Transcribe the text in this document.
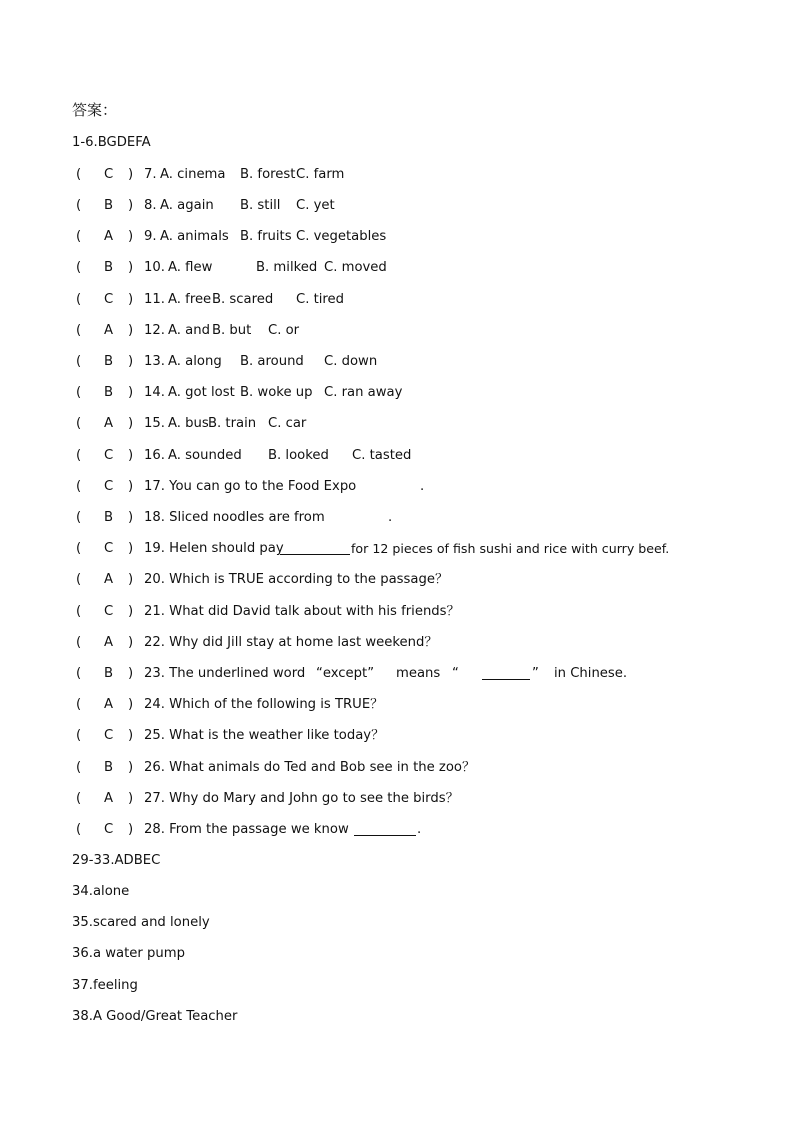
答案：
1-6.BGDEFA
( C ) 7. A. cinema B. forest C. farm
( B ) 8. A. again B. still C. yet
( A ) 9. A. animals B. fruits C. vegetables
( B ) 10. A. flew	B. milked C. moved
( C ) 11. A. free B. scared C. tired
( A ) 12. A. and B. but C. or
( B ) 13. A. along B. around C. down
( B ) 14. A. got lost B. woke up C. ran away
( A ) 15. A. bus B. train C. car
( C ) 16. A. sounded B. looked C. tasted
( C ) 17. You can go to the Food Expo	.
( B ) 18. Sliced noodles are from	.
( C ) 19. Helen should pay	for 12 pieces of fish sushi and rice with curry beef.
( A ) 20. Which is TRUE according to the passage？
( C ) 21. What did David talk about with his friends？
( A ) 22. Why did Jill stay at home last weekend？
( B ) 23. The underlined word “except” means “	” in Chinese.
( A ) 24. Which of the following is TRUE？
( C ) 25. What is the weather like today？
( B ) 26. What animals do Ted and Bob see in the zoo？
( A ) 27. Why do Mary and John go to see the birds？
( C ) 28. From the passage we know	.
29-33.ADBEC
34.alone
35.scared and lonely
36.a water pump
37.feeling
38.A Good/Great Teacher
